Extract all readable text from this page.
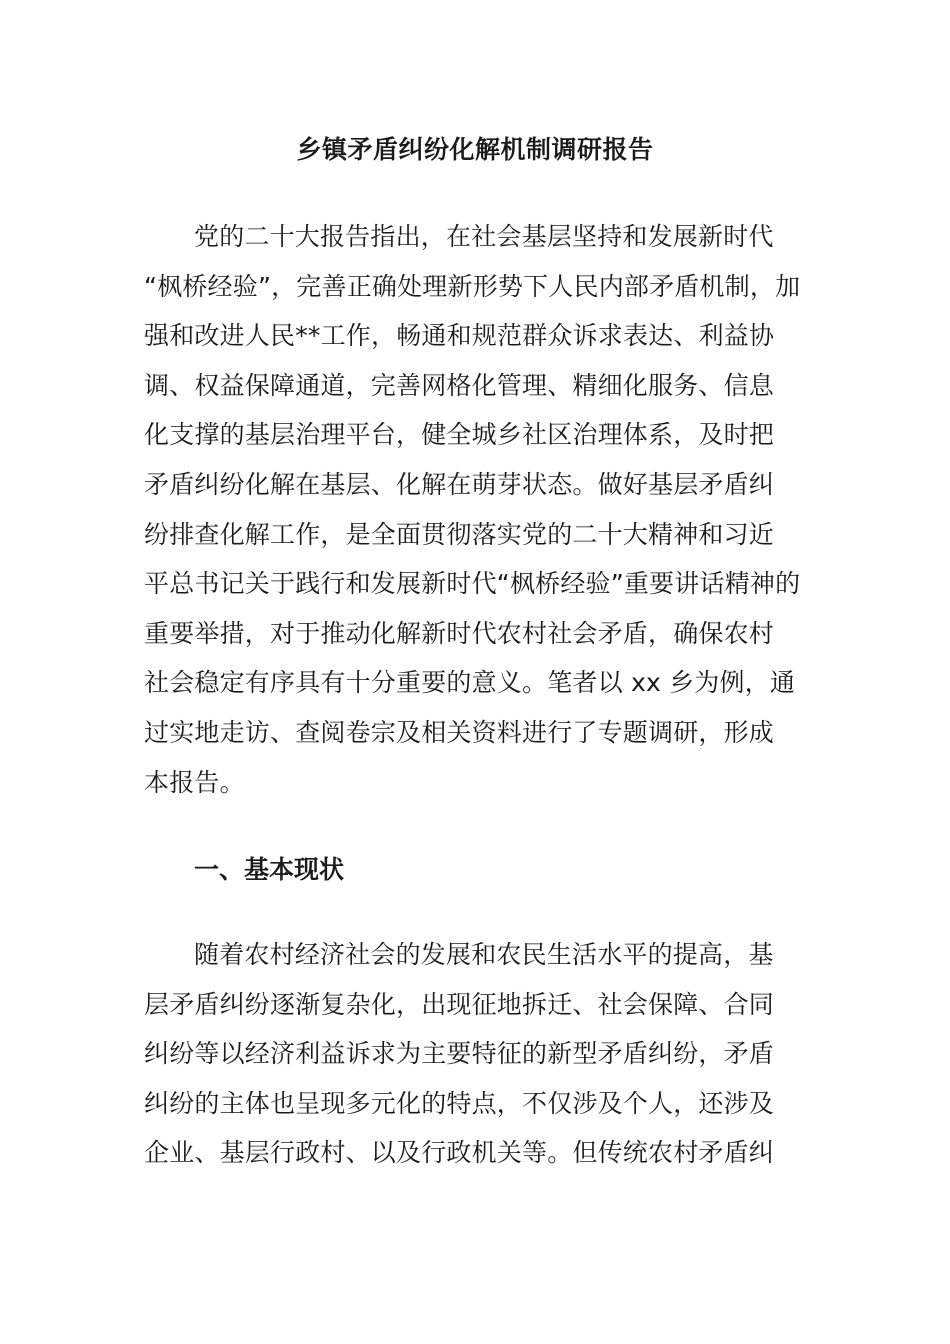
乡镇矛盾纠纷化解机制调研报告
党的二十大报告指出，在社会基层坚持和发展新时代
“枫桥经验”，完善正确处理新形势下人民内部矛盾机制，加
强和改进人民**工作，畅通和规范群众诉求表达、利益协
调、权益保障通道，完善网格化管理、精细化服务、信息
化支撑的基层治理平台，健全城乡社区治理体系，及时把
矛盾纠纷化解在基层、化解在萌芽状态。做好基层矛盾纠
纷排查化解工作，是全面贯彻落实党的二十大精神和习近
平总书记关于践行和发展新时代“枫桥经验”重要讲话精神的
重要举措，对于推动化解新时代农村社会矛盾，确保农村
社会稳定有序具有十分重要的意义。笔者以 xx 乡为例，通
过实地走访、查阅卷宗及相关资料进行了专题调研，形成
本报告。
一、基本现状
随着农村经济社会的发展和农民生活水平的提高，基
层矛盾纠纷逐渐复杂化，出现征地拆迁、社会保障、合同
纠纷等以经济利益诉求为主要特征的新型矛盾纠纷，矛盾
纠纷的主体也呈现多元化的特点，不仅涉及个人，还涉及
企业、基层行政村、以及行政机关等。但传统农村矛盾纠
